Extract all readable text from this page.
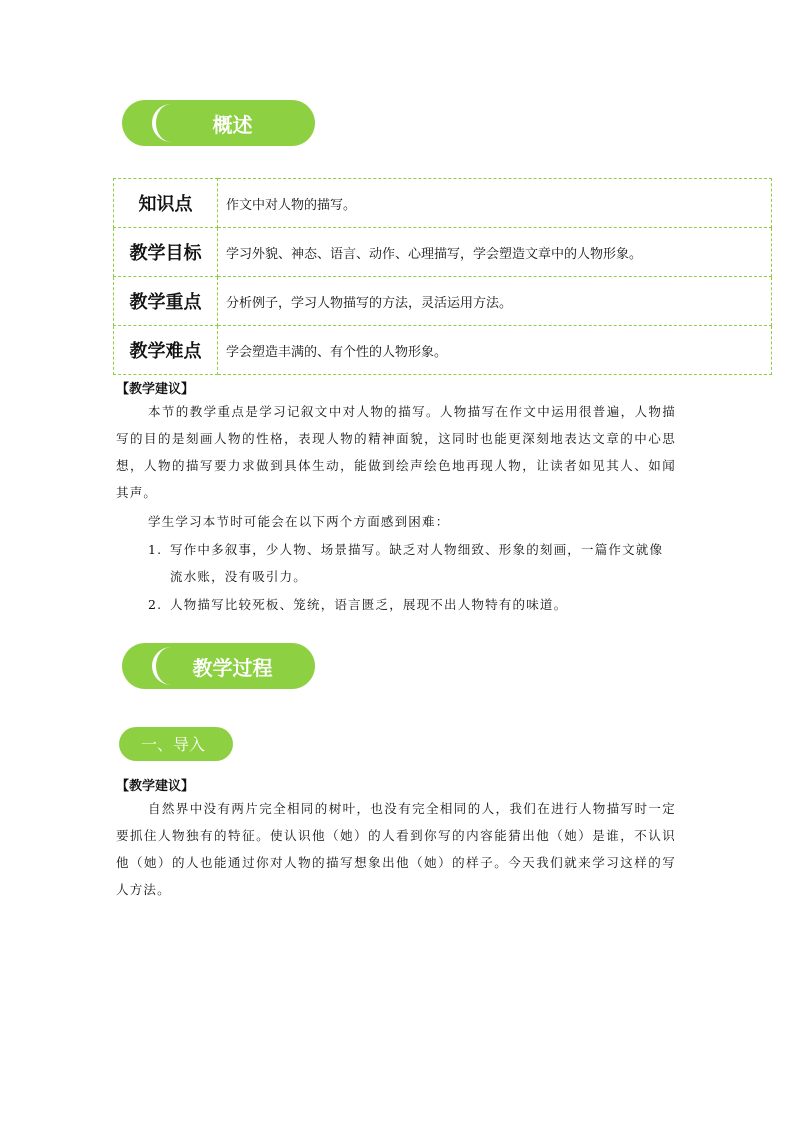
概述
知识点	作文中对人物的描写。
教学目标	学习外貌、神态、语言、动作、心理描写，学会塑造文章中的人物形象。
教学重点	分析例子，学习人物描写的方法，灵活运用方法。
教学难点	学会塑造丰满的、有个性的人物形象。
【教学建议】
本节的教学重点是学习记叙文中对人物的描写。人物描写在作文中运用很普遍，人物描写的目的是刻画人物的性格，表现人物的精神面貌，这同时也能更深刻地表达文章的中心思想，人物的描写要力求做到具体生动，能做到绘声绘色地再现人物，让读者如见其人、如闻其声。
学生学习本节时可能会在以下两个方面感到困难：
1. 写作中多叙事，少人物、场景描写。缺乏对人物细致、形象的刻画，一篇作文就像流水账，没有吸引力。
2. 人物描写比较死板、笼统，语言匮乏，展现不出人物特有的味道。
教学过程
一、导入
【教学建议】
自然界中没有两片完全相同的树叶，也没有完全相同的人，我们在进行人物描写时一定要抓住人物独有的特征。使认识他（她）的人看到你写的内容能猜出他（她）是谁，不认识他（她）的人也能通过你对人物的描写想象出他（她）的样子。今天我们就来学习这样的写人方法。
